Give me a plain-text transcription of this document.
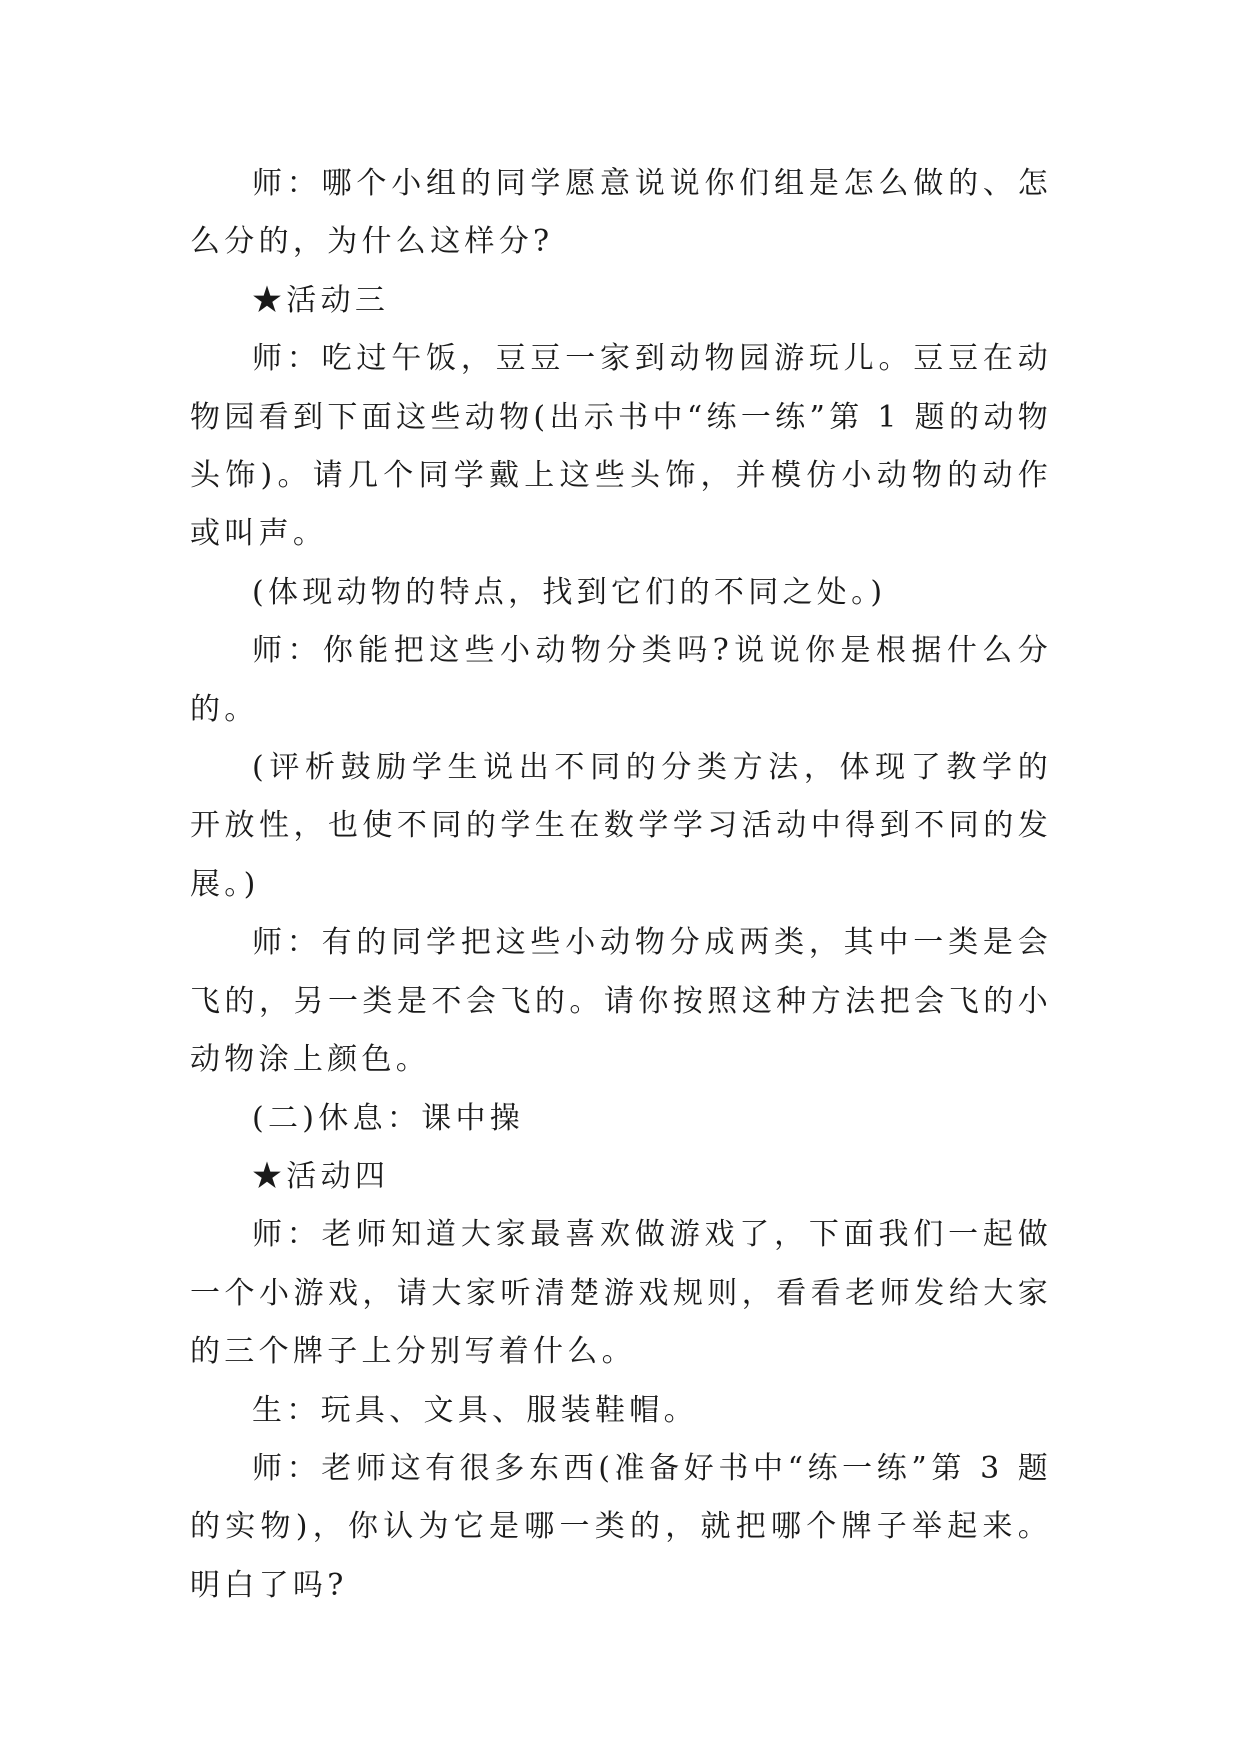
师：哪个小组的同学愿意说说你们组是怎么做的、怎么分的，为什么这样分?

★活动三

师：吃过午饭，豆豆一家到动物园游玩儿。豆豆在动物园看到下面这些动物(出示书中“练一练”第 1 题的动物头饰)。请几个同学戴上这些头饰，并模仿小动物的动作或叫声。

(体现动物的特点，找到它们的不同之处。)

师：你能把这些小动物分类吗?说说你是根据什么分的。

(评析鼓励学生说出不同的分类方法，体现了教学的开放性，也使不同的学生在数学学习活动中得到不同的发展。)

师：有的同学把这些小动物分成两类，其中一类是会飞的，另一类是不会飞的。请你按照这种方法把会飞的小动物涂上颜色。

(二)休息：课中操

★活动四

师：老师知道大家最喜欢做游戏了，下面我们一起做一个小游戏，请大家听清楚游戏规则，看看老师发给大家的三个牌子上分别写着什么。

生：玩具、文具、服装鞋帽。

师：老师这有很多东西(准备好书中“练一练”第 3 题的实物)，你认为它是哪一类的，就把哪个牌子举起来。明白了吗?
